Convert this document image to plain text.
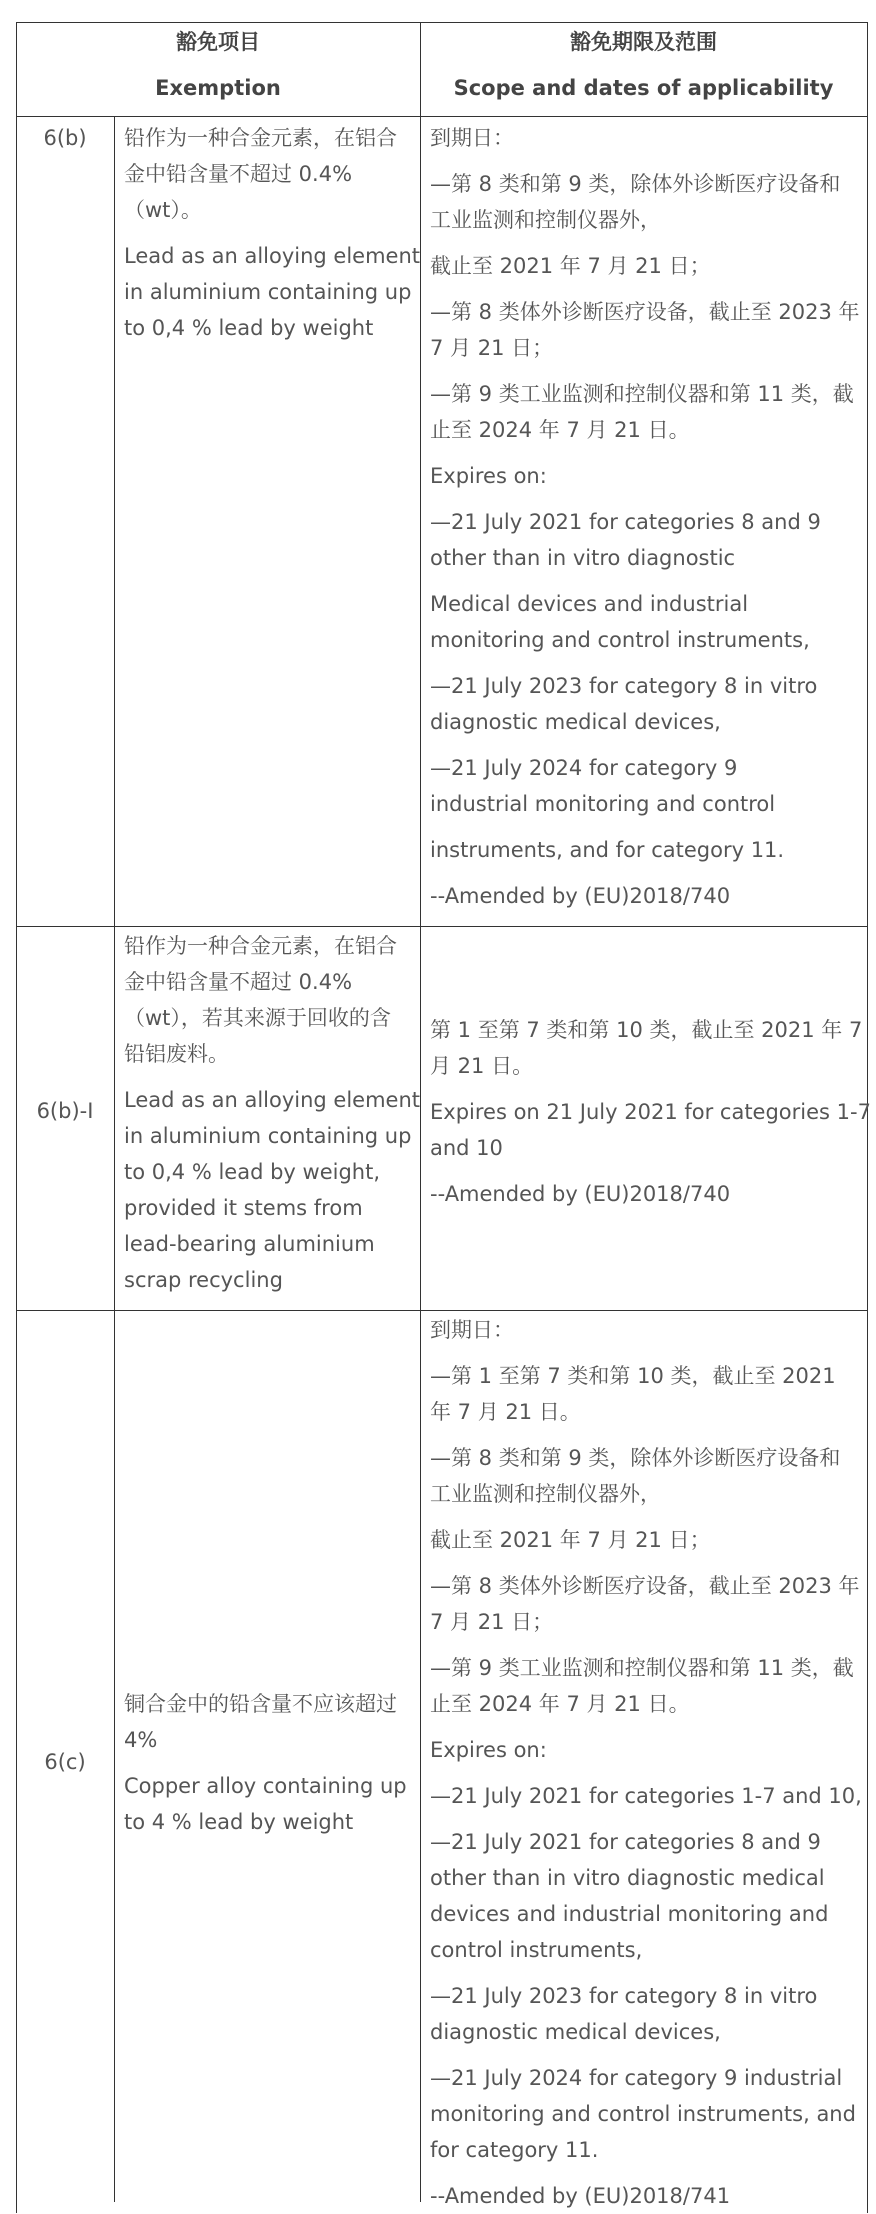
豁免项目
Exemption
豁免期限及范围
Scope and dates of applicability
6(b)	铅作为一种合金元素，在铝合
金中铅含量不超过 0.4%
（wt）。
Lead as an alloying element
in aluminium containing up
to 0,4 % lead by weight
到期日：
—第 8 类和第 9 类，除体外诊断医疗设备和
工业监测和控制仪器外，
截止至 2021 年 7 月 21 日；
—第 8 类体外诊断医疗设备，截止至 2023 年
7 月 21 日；
—第 9 类工业监测和控制仪器和第 11 类，截
止至 2024 年 7 月 21 日。
Expires on:
—21 July 2021 for categories 8 and 9
other than in vitro diagnostic
Medical devices and industrial
monitoring and control instruments,
—21 July 2023 for category 8 in vitro
diagnostic medical devices,
—21 July 2024 for category 9
industrial monitoring and control
instruments, and for category 11.
--Amended by (EU)2018/740
6(b)-I
铅作为一种合金元素，在铝合
金中铅含量不超过 0.4%
（wt），若其来源于回收的含
铅铝废料。
Lead as an alloying element
in aluminium containing up
to 0,4 % lead by weight,
provided it stems from
lead-bearing aluminium
scrap recycling
第 1 至第 7 类和第 10 类，截止至 2021 年 7
月 21 日。
Expires on 21 July 2021 for categories 1-7
and 10
--Amended by (EU)2018/740
6(c)
铜合金中的铅含量不应该超过
4%
Copper alloy containing up
to 4 % lead by weight
到期日：
—第 1 至第 7 类和第 10 类，截止至 2021
年 7 月 21 日。
—第 8 类和第 9 类，除体外诊断医疗设备和
工业监测和控制仪器外，
截止至 2021 年 7 月 21 日；
—第 8 类体外诊断医疗设备，截止至 2023 年
7 月 21 日；
—第 9 类工业监测和控制仪器和第 11 类，截
止至 2024 年 7 月 21 日。
Expires on:
—21 July 2021 for categories 1-7 and 10,
—21 July 2021 for categories 8 and 9
other than in vitro diagnostic medical
devices and industrial monitoring and
control instruments,
—21 July 2023 for category 8 in vitro
diagnostic medical devices,
—21 July 2024 for category 9 industrial
monitoring and control instruments, and
for category 11.
--Amended by (EU)2018/741
